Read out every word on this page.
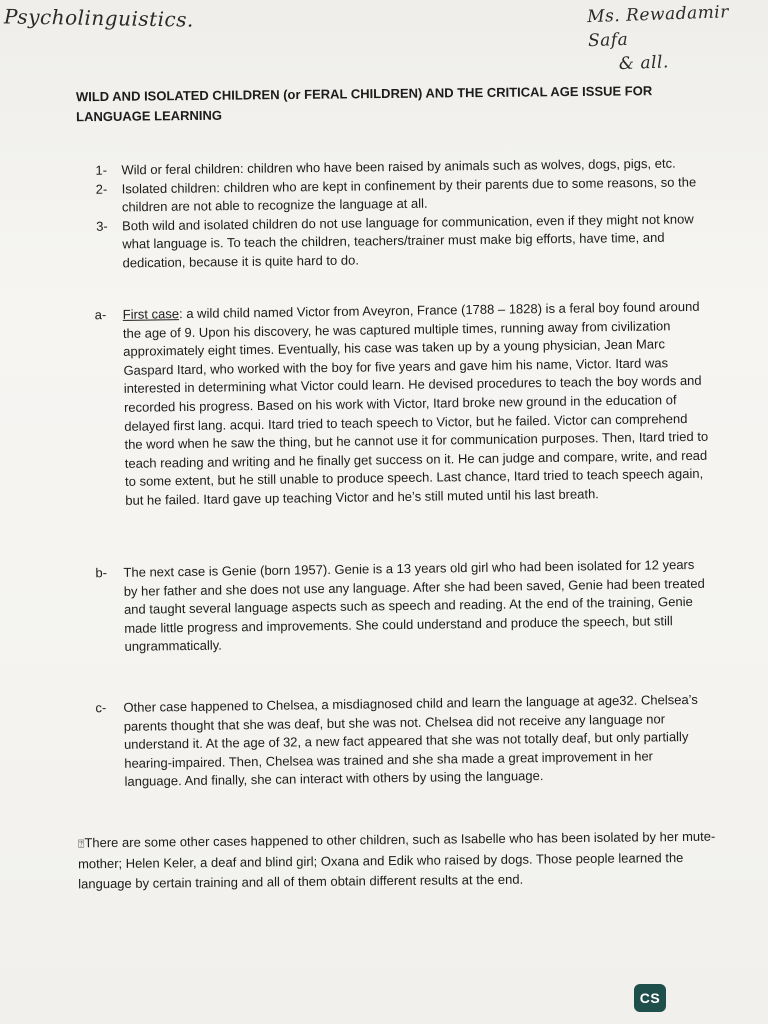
Psycholinguistics.	Ms. Rewadamir Safa
& all.
WILD AND ISOLATED CHILDREN (or FERAL CHILDREN) AND THE CRITICAL AGE ISSUE FOR LANGUAGE LEARNING
1-	Wild or feral children: children who have been raised by animals such as wolves, dogs, pigs, etc.
2-	Isolated children: children who are kept in confinement by their parents due to some reasons, so the children are not able to recognize the language at all.
3-	Both wild and isolated children do not use language for communication, even if they might not know what language is. To teach the children, teachers/trainer must make big efforts, have time, and dedication, because it is quite hard to do.
a-	First case: a wild child named Victor from Aveyron, France (1788 – 1828) is a feral boy found around the age of 9. Upon his discovery, he was captured multiple times, running away from civilization approximately eight times. Eventually, his case was taken up by a young physician, Jean Marc Gaspard Itard, who worked with the boy for five years and gave him his name, Victor. Itard was interested in determining what Victor could learn. He devised procedures to teach the boy words and recorded his progress. Based on his work with Victor, Itard broke new ground in the education of delayed first lang. acqui. Itard tried to teach speech to Victor, but he failed. Victor can comprehend the word when he saw the thing, but he cannot use it for communication purposes. Then, Itard tried to teach reading and writing and he finally get success on it. He can judge and compare, write, and read to some extent, but he still unable to produce speech. Last chance, Itard tried to teach speech again, but he failed. Itard gave up teaching Victor and he’s still muted until his last breath.
b-	The next case is Genie (born 1957). Genie is a 13 years old girl who had been isolated for 12 years by her father and she does not use any language. After she had been saved, Genie had been treated and taught several language aspects such as speech and reading. At the end of the training, Genie made little progress and improvements. She could understand and produce the speech, but still ungrammatically.
c-	Other case happened to Chelsea, a misdiagnosed child and learn the language at age32. Chelsea’s parents thought that she was deaf, but she was not. Chelsea did not receive any language nor understand it. At the age of 32, a new fact appeared that she was not totally deaf, but only partially hearing-impaired. Then, Chelsea was trained and she sha made a great improvement in her language. And finally, she can interact with others by using the language.
⍰There are some other cases happened to other children, such as Isabelle who has been isolated by her mute-mother; Helen Keler, a deaf and blind girl; Oxana and Edik who raised by dogs. Those people learned the language by certain training and all of them obtain different results at the end.
CS
